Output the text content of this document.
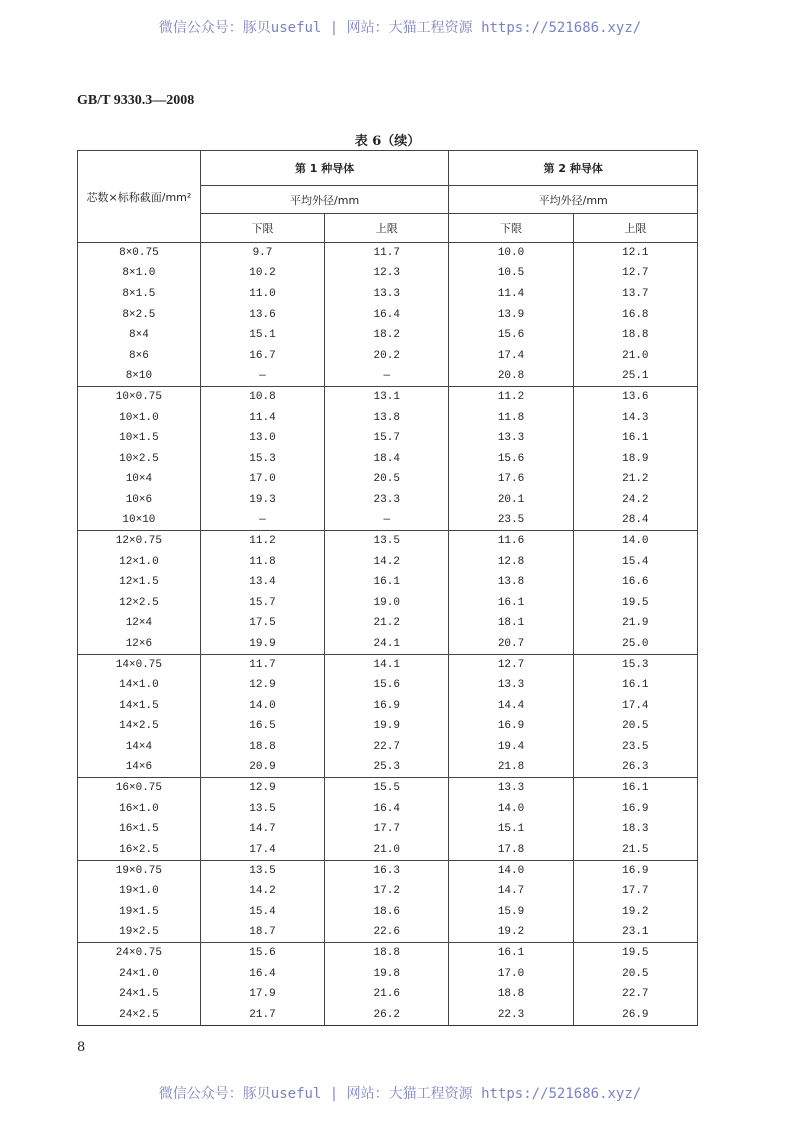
微信公众号：豚贝useful | 网站：大猫工程资源 https://521686.xyz/
GB/T 9330.3—2008
表 6（续）
芯数×标称截面/mm²	第 1 种导体		第 2 种导体	
	平均外径/mm		平均外径/mm	
	下限	上限	下限	上限
8×0.75	9.7	11.7	10.0	12.1
8×1.0	10.2	12.3	10.5	12.7
8×1.5	11.0	13.3	11.4	13.7
8×2.5	13.6	16.4	13.9	16.8
8×4	15.1	18.2	15.6	18.8
8×6	16.7	20.2	17.4	21.0
8×10	—	—	20.8	25.1
10×0.75	10.8	13.1	11.2	13.6
10×1.0	11.4	13.8	11.8	14.3
10×1.5	13.0	15.7	13.3	16.1
10×2.5	15.3	18.4	15.6	18.9
10×4	17.0	20.5	17.6	21.2
10×6	19.3	23.3	20.1	24.2
10×10	—	—	23.5	28.4
12×0.75	11.2	13.5	11.6	14.0
12×1.0	11.8	14.2	12.8	15.4
12×1.5	13.4	16.1	13.8	16.6
12×2.5	15.7	19.0	16.1	19.5
12×4	17.5	21.2	18.1	21.9
12×6	19.9	24.1	20.7	25.0
14×0.75	11.7	14.1	12.7	15.3
14×1.0	12.9	15.6	13.3	16.1
14×1.5	14.0	16.9	14.4	17.4
14×2.5	16.5	19.9	16.9	20.5
14×4	18.8	22.7	19.4	23.5
14×6	20.9	25.3	21.8	26.3
16×0.75	12.9	15.5	13.3	16.1
16×1.0	13.5	16.4	14.0	16.9
16×1.5	14.7	17.7	15.1	18.3
16×2.5	17.4	21.0	17.8	21.5
19×0.75	13.5	16.3	14.0	16.9
19×1.0	14.2	17.2	14.7	17.7
19×1.5	15.4	18.6	15.9	19.2
19×2.5	18.7	22.6	19.2	23.1
24×0.75	15.6	18.8	16.1	19.5
24×1.0	16.4	19.8	17.0	20.5
24×1.5	17.9	21.6	18.8	22.7
24×2.5	21.7	26.2	22.3	26.9
8
微信公众号：豚贝useful | 网站：大猫工程资源 https://521686.xyz/
